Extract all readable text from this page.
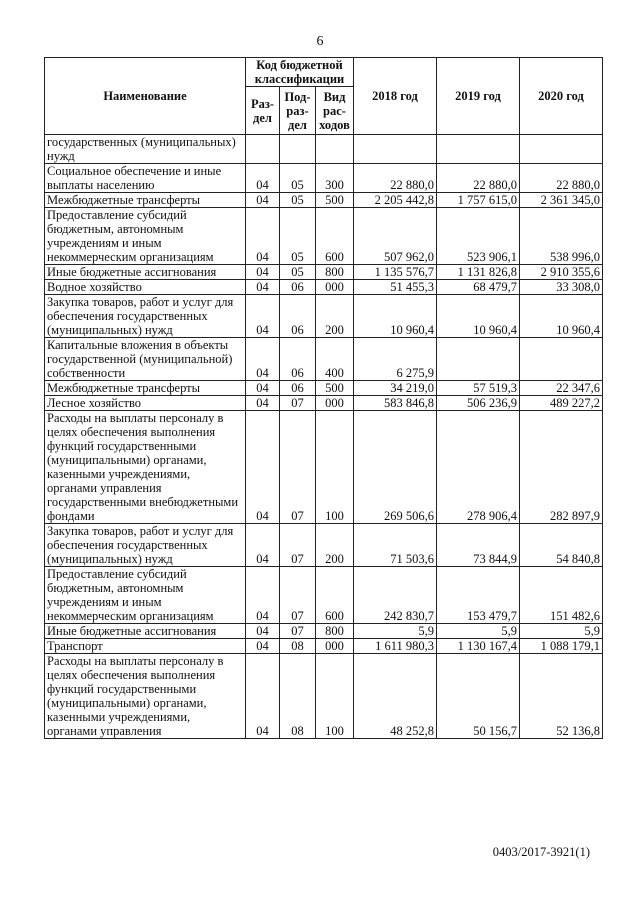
6
Наименование	Код бюджетной классификации			2018 год	2019 год	2020 год
	Раз-дел	Под-раз-дел	Вид рас-ходов			
государственных (муниципальных) нужд						
Социальное обеспечение и иные выплаты населению	04	05	300	22 880,0	22 880,0	22 880,0
Межбюджетные трансферты	04	05	500	2 205 442,8	1 757 615,0	2 361 345,0
Предоставление субсидий бюджетным, автономным учреждениям и иным некоммерческим организациям	04	05	600	507 962,0	523 906,1	538 996,0
Иные бюджетные ассигнования	04	05	800	1 135 576,7	1 131 826,8	2 910 355,6
Водное хозяйство	04	06	000	51 455,3	68 479,7	33 308,0
Закупка товаров, работ и услуг для обеспечения государственных (муниципальных) нужд	04	06	200	10 960,4	10 960,4	10 960,4
Капитальные вложения в объекты государственной (муниципальной) собственности	04	06	400	6 275,9		
Межбюджетные трансферты	04	06	500	34 219,0	57 519,3	22 347,6
Лесное хозяйство	04	07	000	583 846,8	506 236,9	489 227,2
Расходы на выплаты персоналу в целях обеспечения выполнения функций государственными (муниципальными) органами, казенными учреждениями, органами управления государственными внебюджетными фондами	04	07	100	269 506,6	278 906,4	282 897,9
Закупка товаров, работ и услуг для обеспечения государственных (муниципальных) нужд	04	07	200	71 503,6	73 844,9	54 840,8
Предоставление субсидий бюджетным, автономным учреждениям и иным некоммерческим организациям	04	07	600	242 830,7	153 479,7	151 482,6
Иные бюджетные ассигнования	04	07	800	5,9	5,9	5,9
Транспорт	04	08	000	1 611 980,3	1 130 167,4	1 088 179,1
Расходы на выплаты персоналу в целях обеспечения выполнения функций государственными (муниципальными) органами, казенными учреждениями, органами управления	04	08	100	48 252,8	50 156,7	52 136,8
0403/2017-3921(1)
